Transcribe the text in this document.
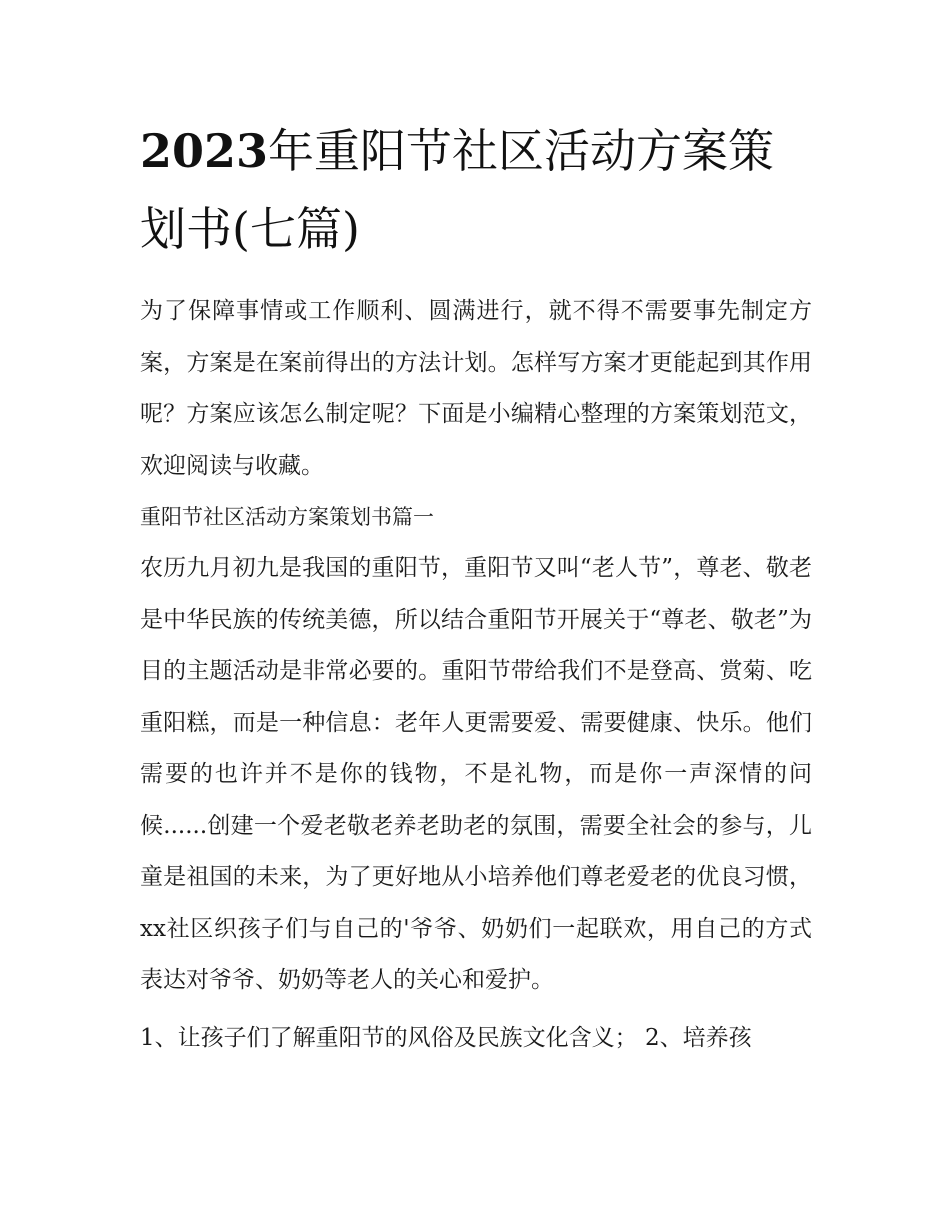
2023年重阳节社区活动方案策划书(七篇)

为了保障事情或工作顺利、圆满进行，就不得不需要事先制定方案，方案是在案前得出的方法计划。怎样写方案才更能起到其作用呢？方案应该怎么制定呢？下面是小编精心整理的方案策划范文，欢迎阅读与收藏。

重阳节社区活动方案策划书篇一

农历九月初九是我国的重阳节，重阳节又叫“老人节”，尊老、敬老是中华民族的传统美德，所以结合重阳节开展关于“尊老、敬老”为目的主题活动是非常必要的。重阳节带给我们不是登高、赏菊、吃重阳糕，而是一种信息：老年人更需要爱、需要健康、快乐。他们需要的也许并不是你的钱物，不是礼物，而是你一声深情的问候......创建一个爱老敬老养老助老的氛围，需要全社会的参与，儿童是祖国的未来，为了更好地从小培养他们尊老爱老的优良习惯，xx社区织孩子们与自己的'爷爷、奶奶们一起联欢，用自己的方式表达对爷爷、奶奶等老人的关心和爱护。

1、让孩子们了解重阳节的风俗及民族文化含义； 2、培养孩
